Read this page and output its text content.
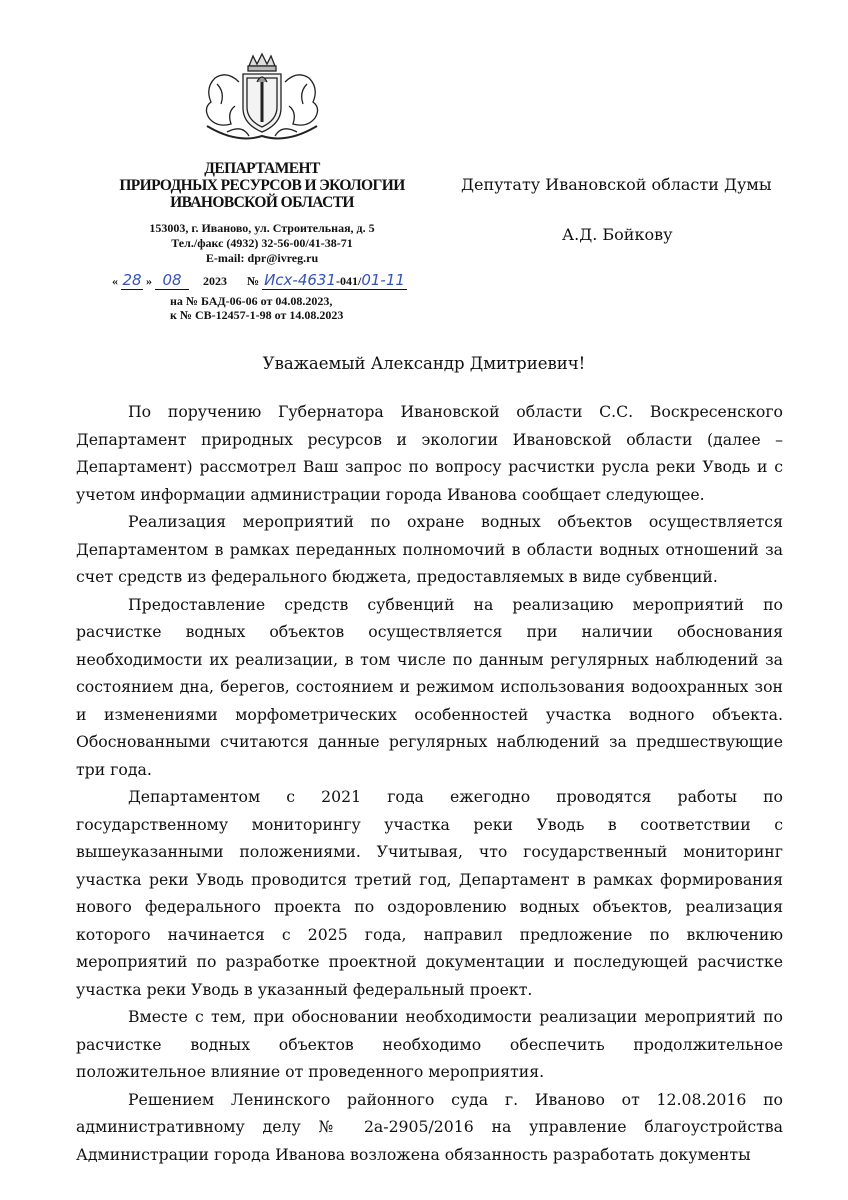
ДЕПАРТАМЕНТ
ПРИРОДНЫХ РЕСУРСОВ И ЭКОЛОГИИ
ИВАНОВСКОЙ ОБЛАСТИ
153003, г. Иваново, ул. Строительная, д. 5
Тел./факс (4932) 32-56-00/41-38-71
E-mail: dpr@ivreg.ru
« 28 » 08 2023 № Исх-4631-041/01-11
на № БАД-06-06 от 04.08.2023,
к № СВ-12457-1-98 от 14.08.2023
Депутату Ивановской области Думы
А.Д. Бойкову
Уважаемый Александр Дмитриевич!

По поручению Губернатора Ивановской области С.С. Воскресенского Департамент природных ресурсов и экологии Ивановской области (далее – Департамент) рассмотрел Ваш запрос по вопросу расчистки русла реки Уводь и с учетом информации администрации города Иванова сообщает следующее.

Реализация мероприятий по охране водных объектов осуществляется Департаментом в рамках переданных полномочий в области водных отношений за счет средств из федерального бюджета, предоставляемых в виде субвенций.

Предоставление средств субвенций на реализацию мероприятий по расчистке водных объектов осуществляется при наличии обоснования необходимости их реализации, в том числе по данным регулярных наблюдений за состоянием дна, берегов, состоянием и режимом использования водоохранных зон и изменениями морфометрических особенностей участка водного объекта. Обоснованными считаются данные регулярных наблюдений за предшествующие три года.

Департаментом с 2021 года ежегодно проводятся работы по государственному мониторингу участка реки Уводь в соответствии с вышеуказанными положениями. Учитывая, что государственный мониторинг участка реки Уводь проводится третий год, Департамент в рамках формирования нового федерального проекта по оздоровлению водных объектов, реализация которого начинается с 2025 года, направил предложение по включению мероприятий по разработке проектной документации и последующей расчистке участка реки Уводь в указанный федеральный проект.

Вместе с тем, при обосновании необходимости реализации мероприятий по расчистке водных объектов необходимо обеспечить продолжительное положительное влияние от проведенного мероприятия.

Решением Ленинского районного суда г. Иваново от 12.08.2016 по административному делу № 2а-2905/2016 на управление благоустройства Администрации города Иванова возложена обязанность разработать документы
